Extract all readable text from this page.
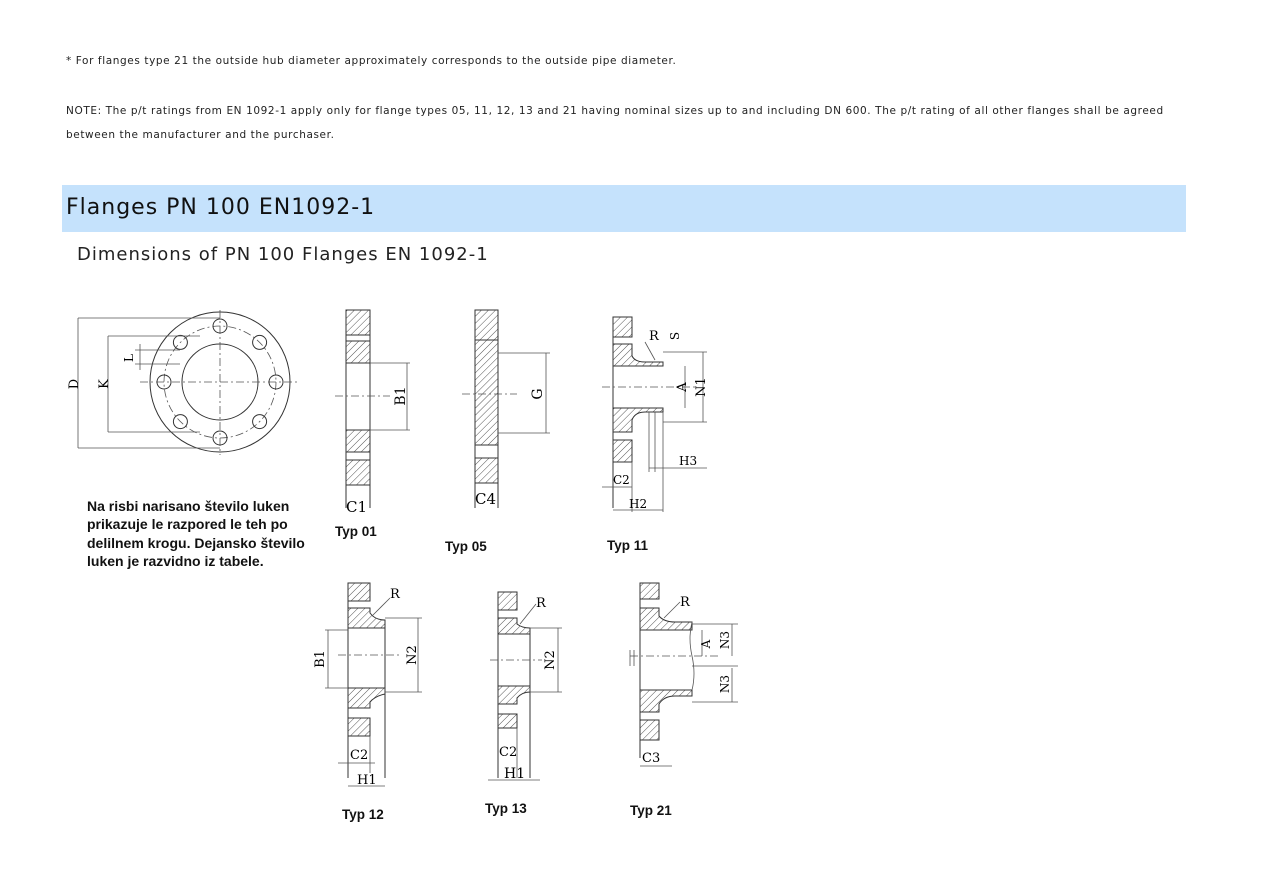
* For flanges type 21 the outside hub diameter approximately corresponds to the outside pipe diameter.
NOTE: The p/t ratings from EN 1092-1 apply only for flange types 05, 11, 12, 13 and 21 having nominal sizes up to and including DN 600. The p/t rating of all other flanges shall be agreed between the manufacturer and the purchaser.
Flanges PN 100 EN1092-1
Dimensions of PN 100 Flanges EN 1092-1
D K
L
Na risbi narisano število luken prikazuje le razpored le teh po delilnem krogu. Dejansko število luken je razvidno iz tabele.
B1
C1
Typ 01
G
C4
Typ 05
R S
A N1
H3
C2
H2
Typ 11
R
B1	N2
C2
H1
Typ 12
R
N2
C2
H1
Typ 13
R
A N3
N3
C3
Typ 21
